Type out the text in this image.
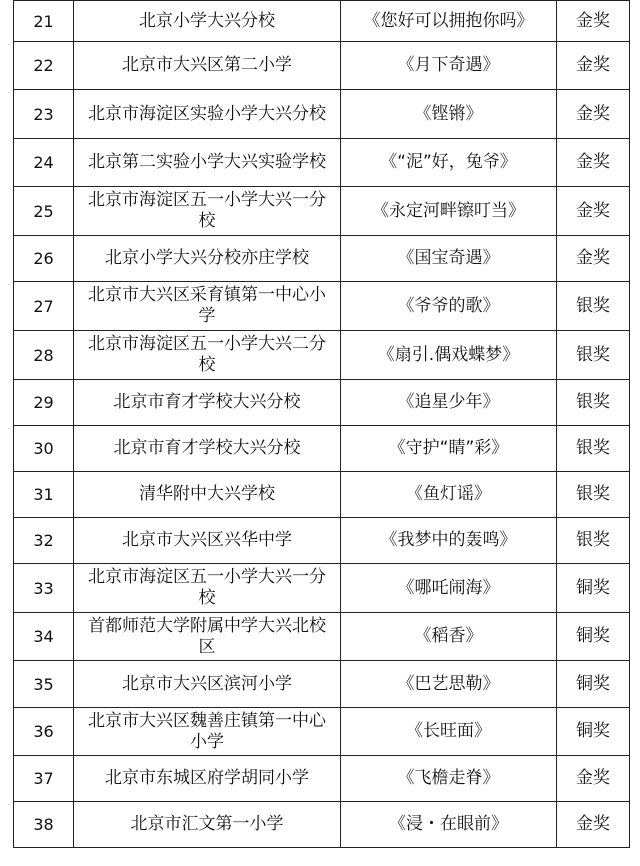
21	北京小学大兴分校	《您好可以拥抱你吗》	金奖
22	北京市大兴区第二小学	《月下奇遇》	金奖
23	北京市海淀区实验小学大兴分校	《铿锵》	金奖
24	北京第二实验小学大兴实验学校	《“泥”好，兔爷》	金奖
25	北京市海淀区五一小学大兴一分校	《永定河畔镲叮当》	金奖
26	北京小学大兴分校亦庄学校	《国宝奇遇》	金奖
27	北京市大兴区采育镇第一中心小学	《爷爷的歌》	银奖
28	北京市海淀区五一小学大兴二分校	《扇引.偶戏蝶梦》	银奖
29	北京市育才学校大兴分校	《追星少年》	银奖
30	北京市育才学校大兴分校	《守护“睛”彩》	银奖
31	清华附中大兴学校	《鱼灯谣》	银奖
32	北京市大兴区兴华中学	《我梦中的轰鸣》	银奖
33	北京市海淀区五一小学大兴一分校	《哪吒闹海》	铜奖
34	首都师范大学附属中学大兴北校区	《稻香》	铜奖
35	北京市大兴区滨河小学	《巴艺思勒》	铜奖
36	北京市大兴区魏善庄镇第一中心小学	《长旺面》	铜奖
37	北京市东城区府学胡同小学	《飞檐走脊》	金奖
38	北京市汇文第一小学	《浸・在眼前》	金奖
